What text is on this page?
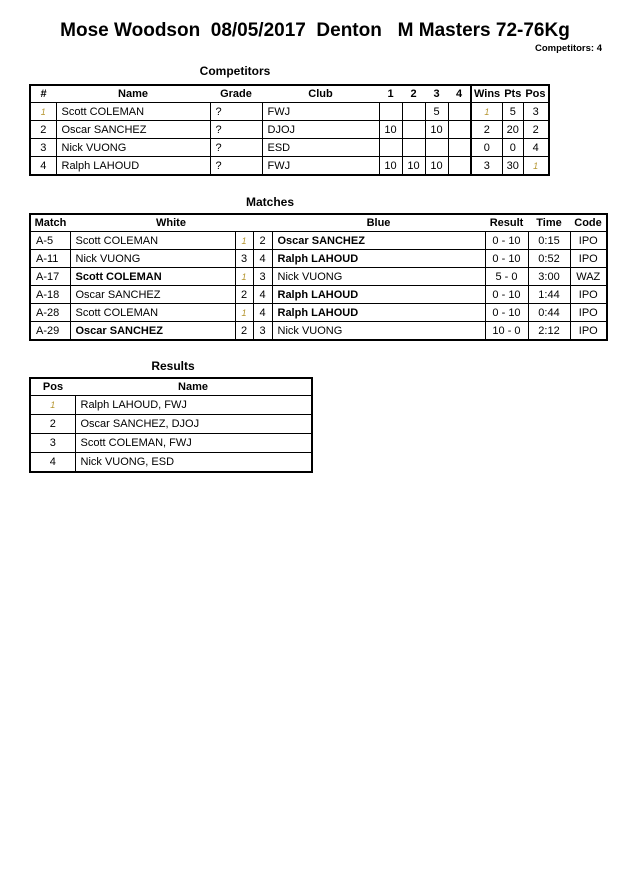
Mose Woodson  08/05/2017  Denton   M Masters 72-76Kg
Competitors: 4
Competitors
#	Name	Grade	Club	1	2	3	4	Wins	Pts	Pos
1	Scott COLEMAN	?	FWJ			5		1	5	3
2	Oscar SANCHEZ	?	DJOJ	10		10		2	20	2
3	Nick VUONG	?	ESD					0	0	4
4	Ralph LAHOUD	?	FWJ	10	10	10		3	30	1
Matches
Match	White			Blue	Result	Time	Code
A-5	Scott COLEMAN	1	2	Oscar SANCHEZ	0 - 10	0:15	IPO
A-11	Nick VUONG	3	4	Ralph LAHOUD	0 - 10	0:52	IPO
A-17	Scott COLEMAN	1	3	Nick VUONG	5 - 0	3:00	WAZ
A-18	Oscar SANCHEZ	2	4	Ralph LAHOUD	0 - 10	1:44	IPO
A-28	Scott COLEMAN	1	4	Ralph LAHOUD	0 - 10	0:44	IPO
A-29	Oscar SANCHEZ	2	3	Nick VUONG	10 - 0	2:12	IPO
Results
Pos	Name
1	Ralph LAHOUD, FWJ
2	Oscar SANCHEZ, DJOJ
3	Scott COLEMAN, FWJ
4	Nick VUONG, ESD
